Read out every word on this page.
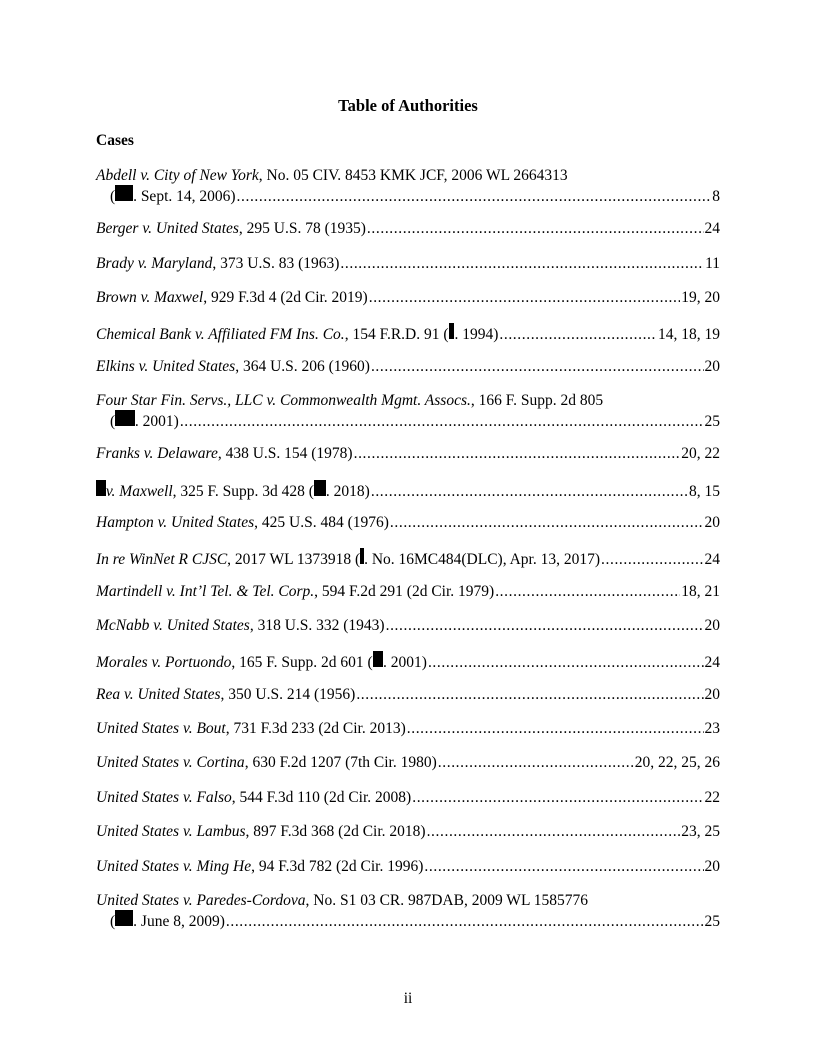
Table of Authorities
Cases
Abdell v. City of New York , No. 05 CIV. 8453 KMK JCF, 2006 WL 2664313
( . Sept. 14, 2006) .....	8
Berger v. United States , 295 U.S. 78 (1935) .....	24
Brady v. Maryland , 373 U.S. 83 (1963) .....	11
Brown v. Maxwel , 929 F.3d 4 (2d Cir. 2019) .....	19, 20
Chemical Bank v. Affiliated FM Ins. Co. , 154 F.R.D. 91 ( . 1994) .....	14, 18, 19
Elkins v. United States , 364 U.S. 206 (1960) .....	20
Four Star Fin. Servs., LLC v. Commonwealth Mgmt. Assocs. , 166 F. Supp. 2d 805
( . 2001) .....	25
Franks v. Delaware , 438 U.S. 154 (1978) .....	20, 22
v. Maxwell , 325 F. Supp. 3d 428 ( . 2018) .....	8, 15
Hampton v. United States , 425 U.S. 484 (1976) .....	20
In re WinNet R CJSC , 2017 WL 1373918 ( . No. 16MC484(DLC), Apr. 13, 2017) .....	24
Martindell v. Int’l Tel. & Tel. Corp. , 594 F.2d 291 (2d Cir. 1979) .....	18, 21
McNabb v. United States , 318 U.S. 332 (1943) .....	20
Morales v. Portuondo , 165 F. Supp. 2d 601 ( . 2001) .....	24
Rea v. United States , 350 U.S. 214 (1956) .....	20
United States v. Bout , 731 F.3d 233 (2d Cir. 2013) .....	23
United States v. Cortina , 630 F.2d 1207 (7th Cir. 1980) .....	20, 22, 25, 26
United States v. Falso , 544 F.3d 110 (2d Cir. 2008) .....	22
United States v. Lambus , 897 F.3d 368 (2d Cir. 2018) .....	23, 25
United States v. Ming He , 94 F.3d 782 (2d Cir. 1996) .....	20
United States v. Paredes-Cordova , No. S1 03 CR. 987DAB, 2009 WL 1585776
( . June 8, 2009) .....	25
ii
